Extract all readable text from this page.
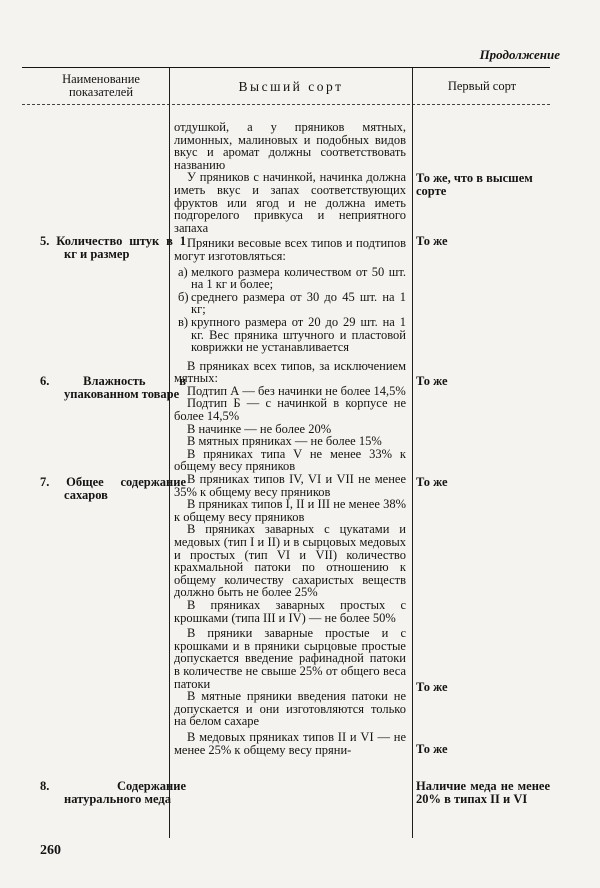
Продолжение
Наименование показателей	Высший сорт	Первый сорт
5. Количество штук в 1 кг и размер
6. Влажность в упакованном товаре
7. Общее содержание сахаров
8. Содержание натурального меда

отдушкой, а у пряников мятных, лимонных, малиновых и подобных видов вкус и аромат должны соответствовать названию

У пряников с начинкой, начинка должна иметь вкус и запах соответствующих фруктов или ягод и не должна иметь подгорелого привкуса и неприятного запаха

Пряники весовые всех типов и подтипов могут изготовляться:

а) мелкого размера количеством от 50 шт. на 1 кг и более;
б) среднего размера от 30 до 45 шт. на 1 кг;
в) крупного размера от 20 до 29 шт. на 1 кг. Вес пряника штучного и пластовой коврижки не устанавливается

В пряниках всех типов, за исключением мятных:

Подтип А — без начинки не более 14,5%

Подтип Б — с начинкой в корпусе не более 14,5%

В начинке — не более 20%

В мятных пряниках — не более 15%

В пряниках типа V не менее 33% к общему весу пряников

В пряниках типов IV, VI и VII не менее 35% к общему весу пряников

В пряниках типов I, II и III не менее 38% к общему весу пряников

В пряниках заварных с цукатами и медовых (тип I и II) и в сырцовых медовых и простых (тип VI и VII) количество крахмальной патоки по отношению к общему количеству сахаристых веществ должно быть не более 25%

В пряниках заварных простых с крошками (типа III и IV) — не более 50%

В пряники заварные простые и с крошками и в пряники сырцовые простые допускается введение рафинадной патоки в количестве не свыше 25% от общего веса патоки

В мятные пряники введения патоки не допускается и они изготовляются только на белом сахаре

В медовых пряниках типов II и VI — не менее 25% к общему весу пряни-

То же, что в высшем сорте
То же
То же
То же
То же
То же
Наличие меда не менее 20% в типах II и VI
260
